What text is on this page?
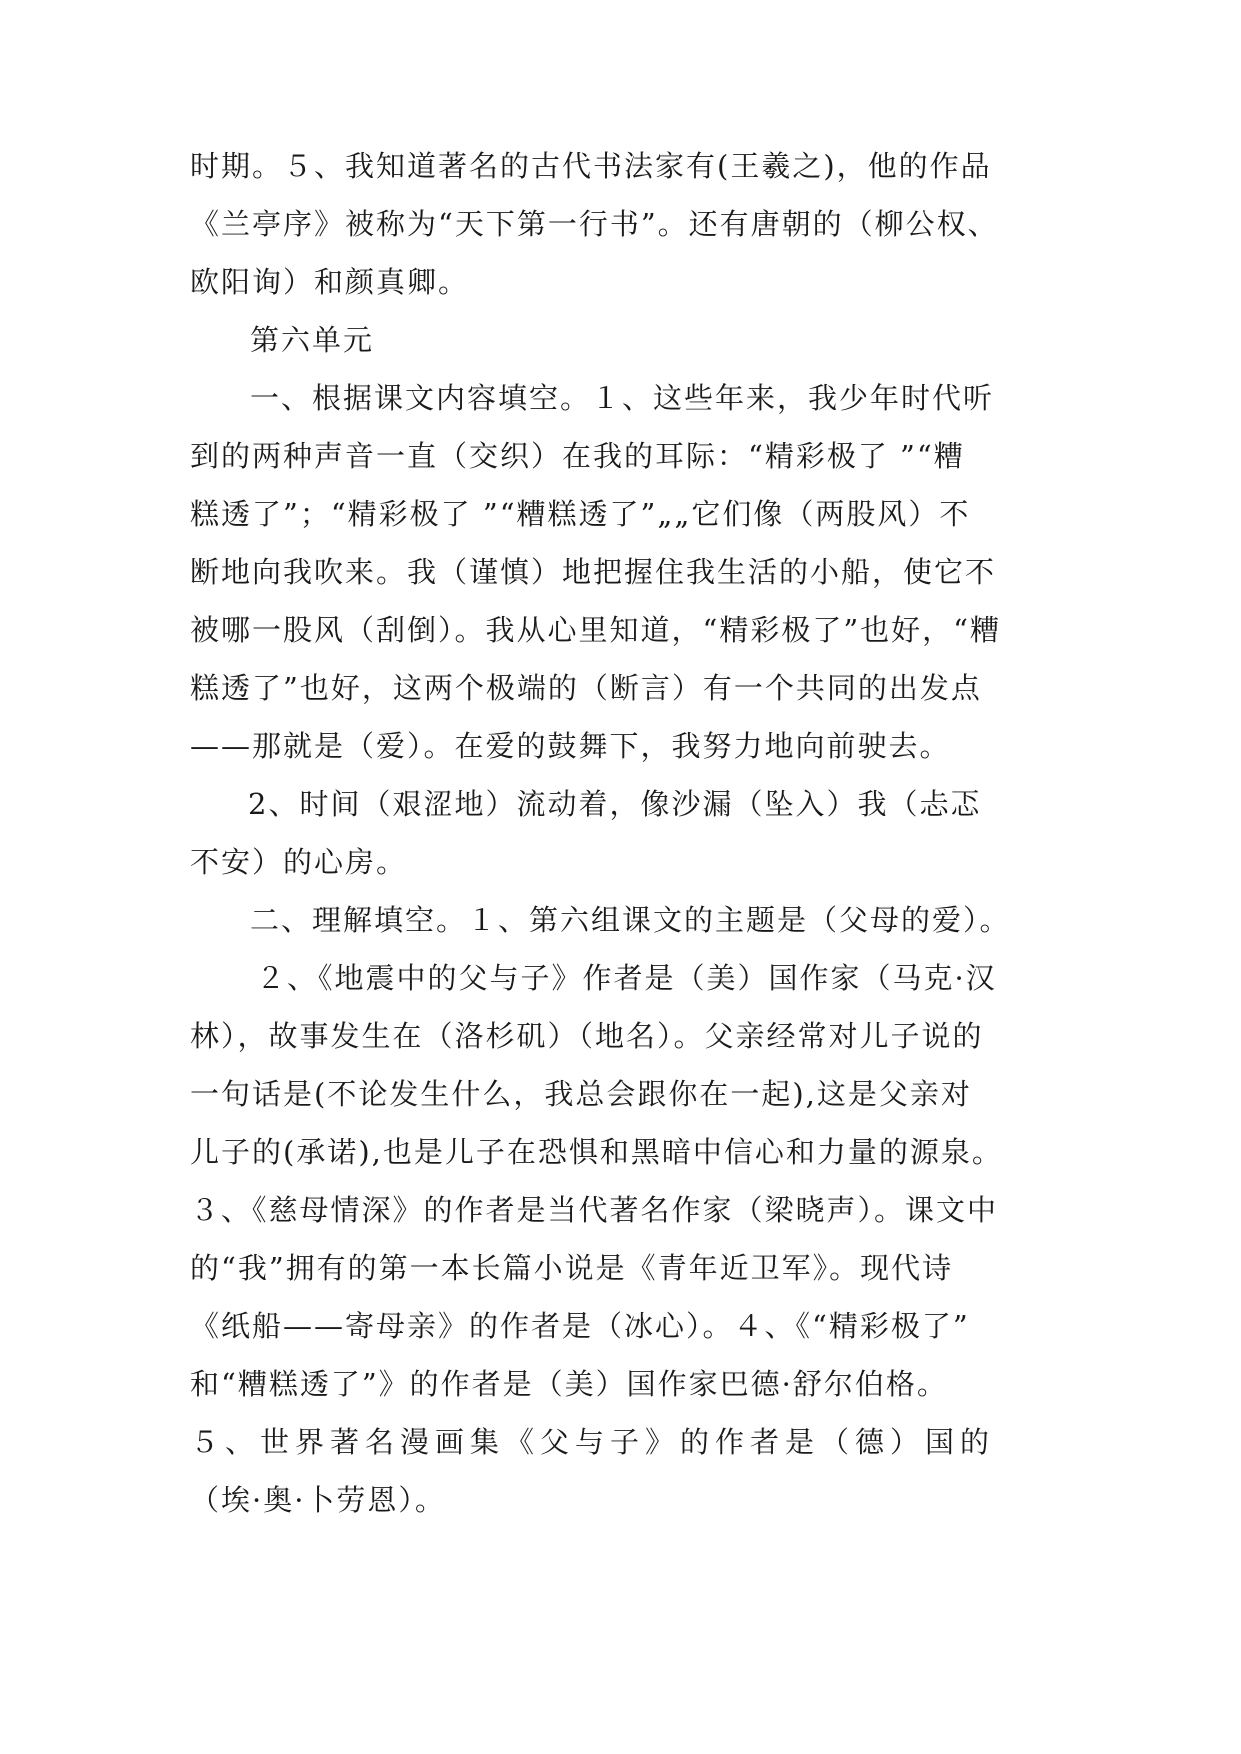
时期。５、我知道著名的古代书法家有(王羲之)，他的作品
《兰亭序》被称为“天下第一行书”。还有唐朝的（柳公权、
欧阳询）和颜真卿。
第六单元
一、根据课文内容填空。１、这些年来，我少年时代听
到的两种声音一直（交织）在我的耳际：“精彩极了 ”“糟
糕透了”；“精彩极了 ”“糟糕透了”„„它们像（两股风）不
断地向我吹来。我（谨慎）地把握住我生活的小船，使它不
被哪一股风（刮倒）。我从心里知道，“精彩极了”也好，“糟
糕透了”也好，这两个极端的（断言）有一个共同的出发点
——那就是（爱）。在爱的鼓舞下，我努力地向前驶去。
2、时间（艰涩地）流动着，像沙漏（坠入）我（忐忑
不安）的心房。
二、理解填空。１、第六组课文的主题是（父母的爱）。
２、《地震中的父与子》作者是（美）国作家（马克·汉
林），故事发生在（洛杉矶）（地名）。父亲经常对儿子说的
一句话是(不论发生什么，我总会跟你在一起),这是父亲对
儿子的(承诺),也是儿子在恐惧和黑暗中信心和力量的源泉。
３、《慈母情深》的作者是当代著名作家（梁晓声）。课文中
的“我”拥有的第一本长篇小说是《青年近卫军》。现代诗
《纸船——寄母亲》的作者是（冰心）。４、《“精彩极了”
和“糟糕透了”》的作者是（美）国作家巴德·舒尔伯格。
５、世界著名漫画集《父与子》的作者是（德）国的
（埃·奥·卜劳恩）。
